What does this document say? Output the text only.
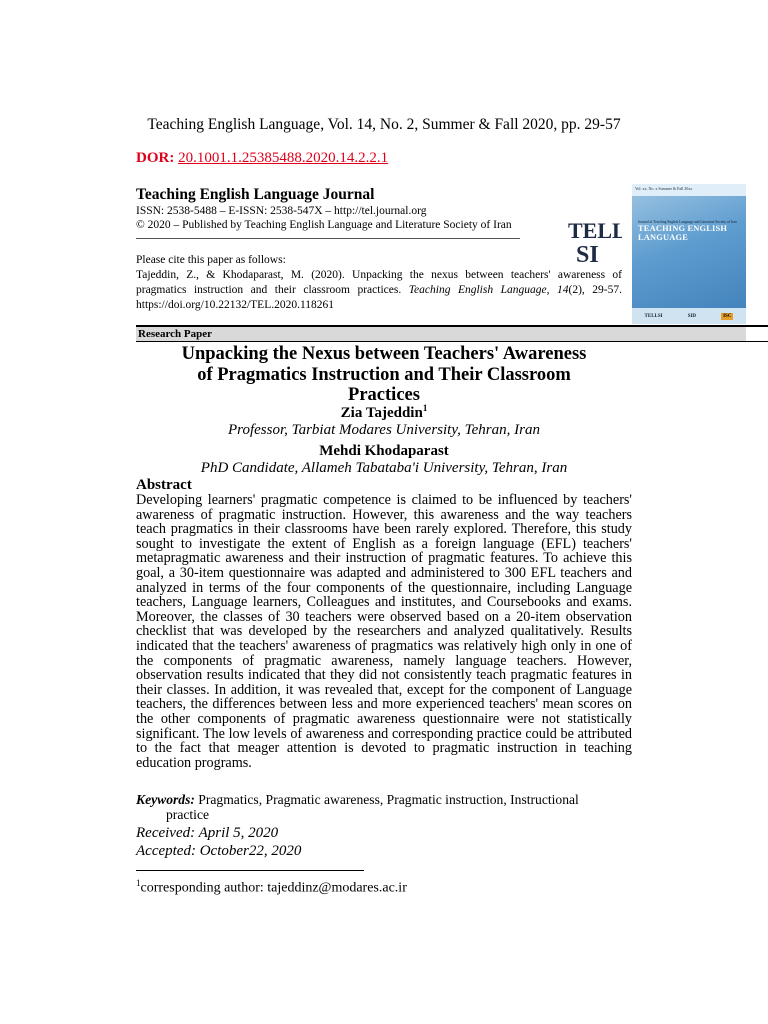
Teaching English Language, Vol. 14, No. 2, Summer & Fall 2020, pp. 29-57
DOR: 20.1001.1.25385488.2020.14.2.2.1
Teaching English Language Journal
ISSN: 2538-5488 – E-ISSN: 2538-547X – http://tel.journal.org
© 2020 – Published by Teaching English Language and Literature Society of Iran	TELL
SI
Vol. xx, No. x Summer & Fall 20xx
Journal of Teaching English Language and Literature Society of Iran
TEACHING ENGLISH LANGUAGE
TELLSI	SID	ISC
Please cite this paper as follows:
Tajeddin, Z., & Khodaparast, M. (2020). Unpacking the nexus between teachers' awareness of pragmatics instruction and their classroom practices. Teaching English Language, 14(2), 29-57. https://doi.org/10.22132/TEL.2020.118261
Research Paper
Unpacking the Nexus between Teachers' Awareness
of Pragmatics Instruction and Their Classroom
Practices
Zia Tajeddin$^1$
Professor, Tarbiat Modares University, Tehran, Iran
Mehdi Khodaparast
PhD Candidate, Allameh Tabataba'i University, Tehran, Iran
Abstract

Developing learners' pragmatic competence is claimed to be influenced by teachers' awareness of pragmatic instruction. However, this awareness and the way teachers teach pragmatics in their classrooms have been rarely explored. Therefore, this study sought to investigate the extent of English as a foreign language (EFL) teachers' metapragmatic awareness and their instruction of pragmatic features. To achieve this goal, a 30-item questionnaire was adapted and administered to 300 EFL teachers and analyzed in terms of the four components of the questionnaire, including Language teachers, Language learners, Colleagues and institutes, and Coursebooks and exams. Moreover, the classes of 30 teachers were observed based on a 20-item observation checklist that was developed by the researchers and analyzed qualitatively. Results indicated that the teachers' awareness of pragmatics was relatively high only in one of the components of pragmatic awareness, namely language teachers. However, observation results indicated that they did not consistently teach pragmatic features in their classes. In addition, it was revealed that, except for the component of Language teachers, the differences between less and more experienced teachers' mean scores on the other components of pragmatic awareness questionnaire were not statistically significant. The low levels of awareness and corresponding practice could be attributed to the fact that meager attention is devoted to pragmatic instruction in teaching education programs.

Keywords: Pragmatics, Pragmatic awareness, Pragmatic instruction, Instructional
practice
Received: April 5, 2020
Accepted: October22, 2020
$^1$corresponding author: tajeddinz@modares.ac.ir
